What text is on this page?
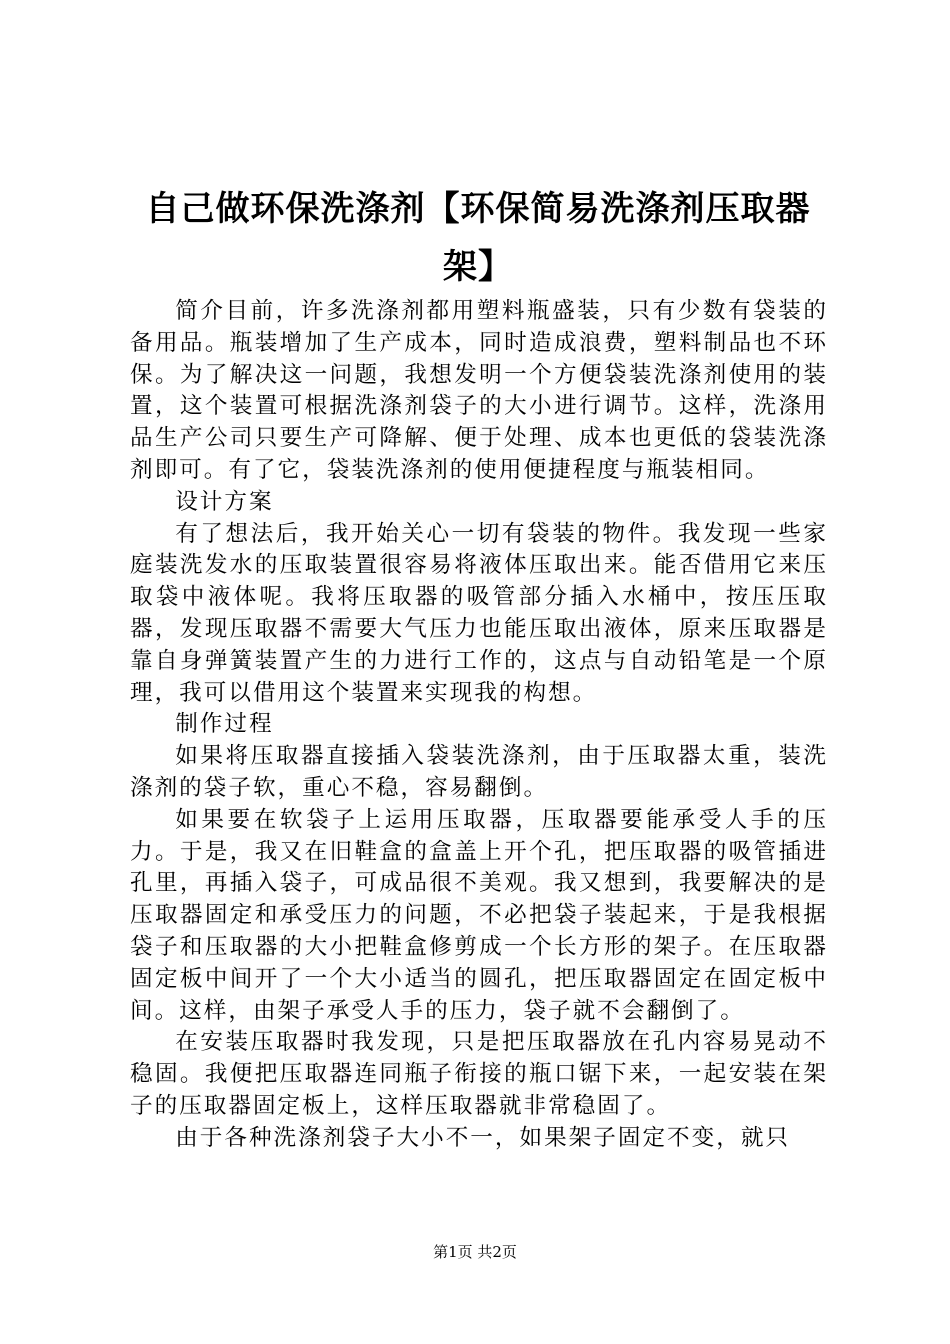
自己做环保洗涤剂【环保简易洗涤剂压取器架】

简介目前，许多洗涤剂都用塑料瓶盛装，只有少数有袋装的备用品。瓶装增加了生产成本，同时造成浪费，塑料制品也不环保。为了解决这一问题，我想发明一个方便袋装洗涤剂使用的装置，这个装置可根据洗涤剂袋子的大小进行调节。这样，洗涤用品生产公司只要生产可降解、便于处理、成本也更低的袋装洗涤剂即可。有了它，袋装洗涤剂的使用便捷程度与瓶装相同。

设计方案

有了想法后，我开始关心一切有袋装的物件。我发现一些家庭装洗发水的压取装置很容易将液体压取出来。能否借用它来压取袋中液体呢。我将压取器的吸管部分插入水桶中，按压压取器，发现压取器不需要大气压力也能压取出液体，原来压取器是靠自身弹簧装置产生的力进行工作的，这点与自动铅笔是一个原理，我可以借用这个装置来实现我的构想。

制作过程

如果将压取器直接插入袋装洗涤剂，由于压取器太重，装洗涤剂的袋子软，重心不稳，容易翻倒。

如果要在软袋子上运用压取器，压取器要能承受人手的压力。于是，我又在旧鞋盒的盒盖上开个孔，把压取器的吸管插进孔里，再插入袋子，可成品很不美观。我又想到，我要解决的是压取器固定和承受压力的问题，不必把袋子装起来，于是我根据袋子和压取器的大小把鞋盒修剪成一个长方形的架子。在压取器固定板中间开了一个大小适当的圆孔，把压取器固定在固定板中间。这样，由架子承受人手的压力，袋子就不会翻倒了。

在安装压取器时我发现，只是把压取器放在孔内容易晃动不稳固。我便把压取器连同瓶子衔接的瓶口锯下来，一起安装在架子的压取器固定板上，这样压取器就非常稳固了。

由于各种洗涤剂袋子大小不一，如果架子固定不变，就只

第1页 共2页
